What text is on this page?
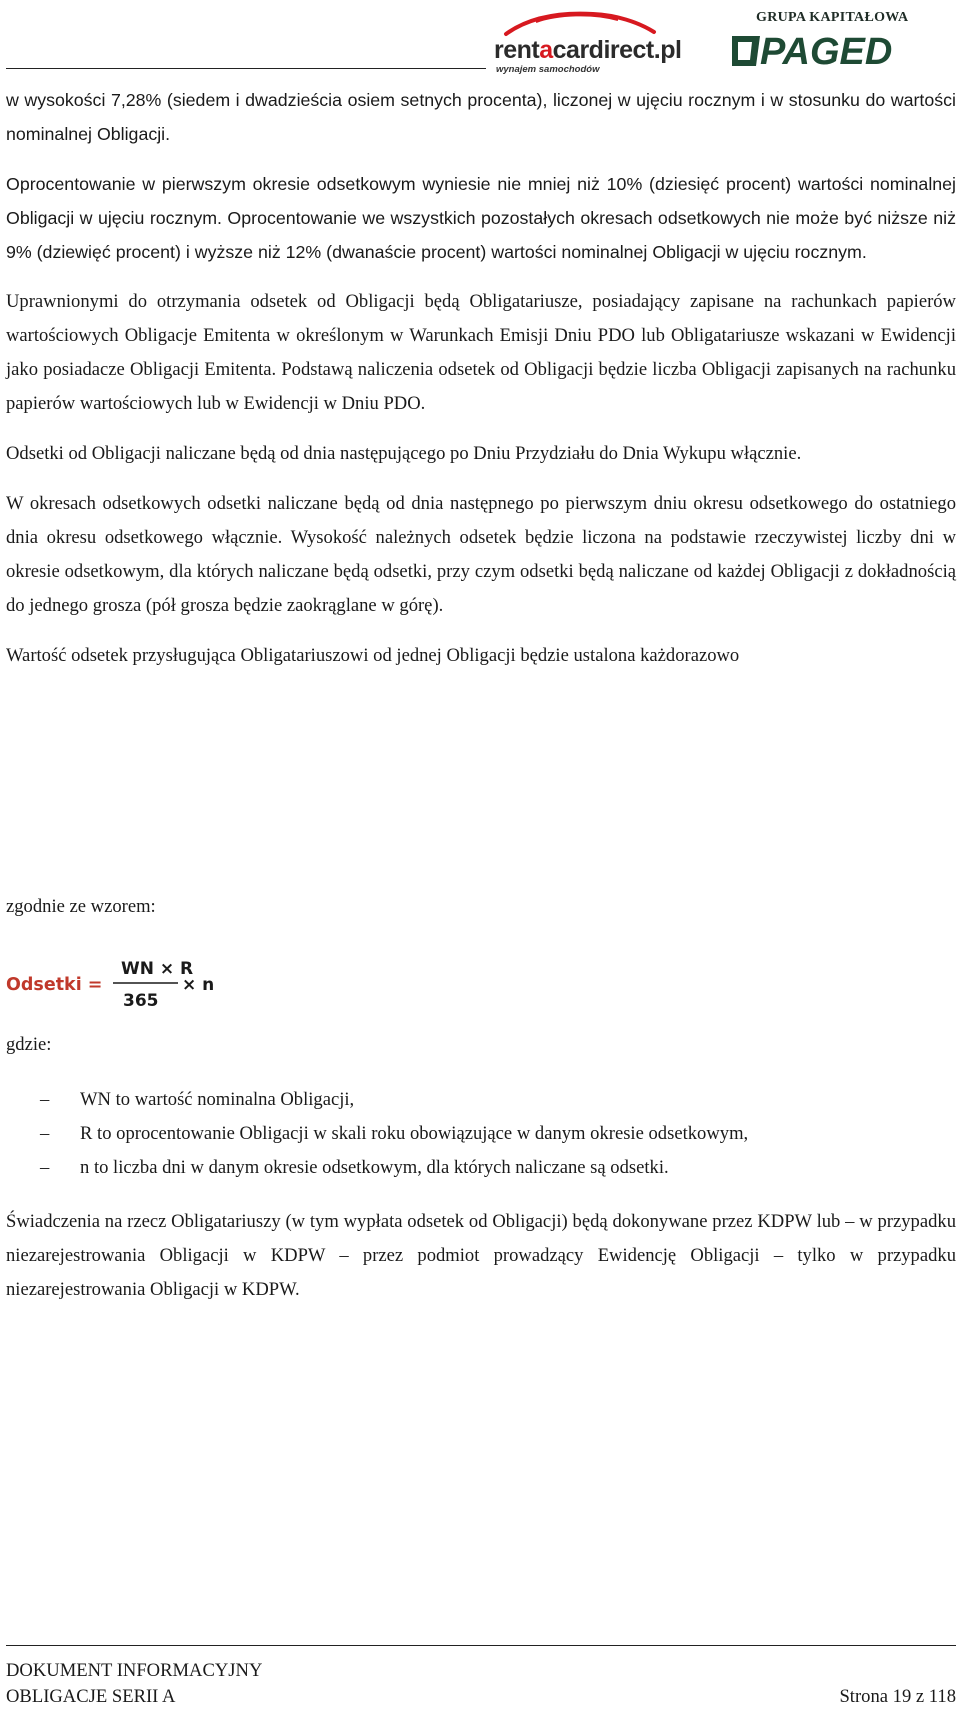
rentacardirect.pl
wynajem samochodów
GRUPA KAPITAŁOWA
PAGED

w wysokości 7,28% (siedem i dwadzieścia osiem setnych procenta), liczonej w ujęciu rocznym i w stosunku do wartości nominalnej Obligacji.

Oprocentowanie w pierwszym okresie odsetkowym wyniesie nie mniej niż 10% (dziesięć procent) wartości nominalnej Obligacji w ujęciu rocznym. Oprocentowanie we wszystkich pozostałych okresach odsetkowych nie może być niższe niż 9% (dziewięć procent) i wyższe niż 12% (dwanaście procent) wartości nominalnej Obligacji w ujęciu rocznym.

Uprawnionymi do otrzymania odsetek od Obligacji będą Obligatariusze, posiadający zapisane na rachunkach papierów wartościowych Obligacje Emitenta w określonym w Warunkach Emisji Dniu PDO lub Obligatariusze wskazani w Ewidencji jako posiadacze Obligacji Emitenta. Podstawą naliczenia odsetek od Obligacji będzie liczba Obligacji zapisanych na rachunku papierów wartościowych lub w Ewidencji w Dniu PDO.

Odsetki od Obligacji naliczane będą od dnia następującego po Dniu Przydziału do Dnia Wykupu włącznie.

W okresach odsetkowych odsetki naliczane będą od dnia następnego po pierwszym dniu okresu odsetkowego do ostatniego dnia okresu odsetkowego włącznie. Wysokość należnych odsetek będzie liczona na podstawie rzeczywistej liczby dni w okresie odsetkowym, dla których naliczane będą odsetki, przy czym odsetki będą naliczane od każdej Obligacji z dokładnością do jednego grosza (pół grosza będzie zaokrąglane w górę).

Wartość odsetek przysługująca Obligatariuszowi od jednej Obligacji będzie ustalona każdorazowo

zgodnie ze wzorem:

Odsetki =
WN × R
365
× n

gdzie:

– WN to wartość nominalna Obligacji,
– R to oprocentowanie Obligacji w skali roku obowiązujące w danym okresie odsetkowym,
– n to liczba dni w danym okresie odsetkowym, dla których naliczane są odsetki.

Świadczenia na rzecz Obligatariuszy (w tym wypłata odsetek od Obligacji) będą dokonywane przez KDPW lub – w przypadku niezarejestrowania Obligacji w KDPW – przez podmiot prowadzący Ewidencję Obligacji – tylko w przypadku niezarejestrowania Obligacji w KDPW.

DOKUMENT INFORMACYJNY
OBLIGACJE SERII A	Strona 19 z 118
